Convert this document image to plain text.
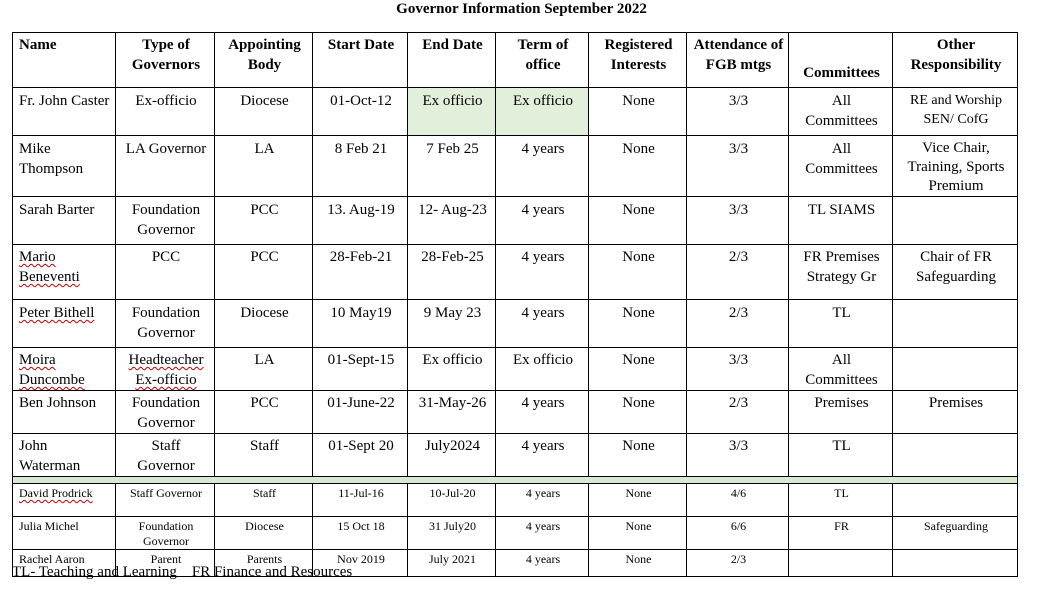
Governor Information September 2022
Name	Type of Governors	Appointing Body	Start Date	End Date	Term of office	Registered Interests	Attendance of FGB mtgs	Committees	Other Responsibility
Fr. John Caster	Ex-officio	Diocese	01-Oct-12	Ex officio	Ex officio	None	3/3	All Committees	RE and Worship SEN/ CofG
Mike Thompson	LA Governor	LA	8 Feb 21	7 Feb 25	4 years	None	3/3	All Committees	Vice Chair, Training, Sports Premium
Sarah Barter	Foundation Governor	PCC	13. Aug-19	12- Aug-23	4 years	None	3/3	TL SIAMS	
Mario Beneventi	PCC	PCC	28-Feb-21	28-Feb-25	4 years	None	2/3	FR Premises Strategy Gr	Chair of FR Safeguarding
Peter Bithell	Foundation Governor	Diocese	10 May19	9 May 23	4 years	None	2/3	TL	
Moira Duncombe	Headteacher Ex-officio	LA	01-Sept-15	Ex officio	Ex officio	None	3/3	All Committees	
Ben Johnson	Foundation Governor	PCC	01-June-22	31-May-26	4 years	None	2/3	Premises	Premises
John Waterman	Staff Governor	Staff	01-Sept 20	July2024	4 years	None	3/3	TL	

David Prodrick	Staff Governor	Staff	11-Jul-16	10-Jul-20	4 years	None	4/6	TL	
Julia Michel	Foundation Governor	Diocese	15 Oct 18	31 July20	4 years	None	6/6	FR	Safeguarding
Rachel Aaron	Parent	Parents	Nov 2019	July 2021	4 years	None	2/3		
TL- Teaching and Learning    FR Finance and Resources
